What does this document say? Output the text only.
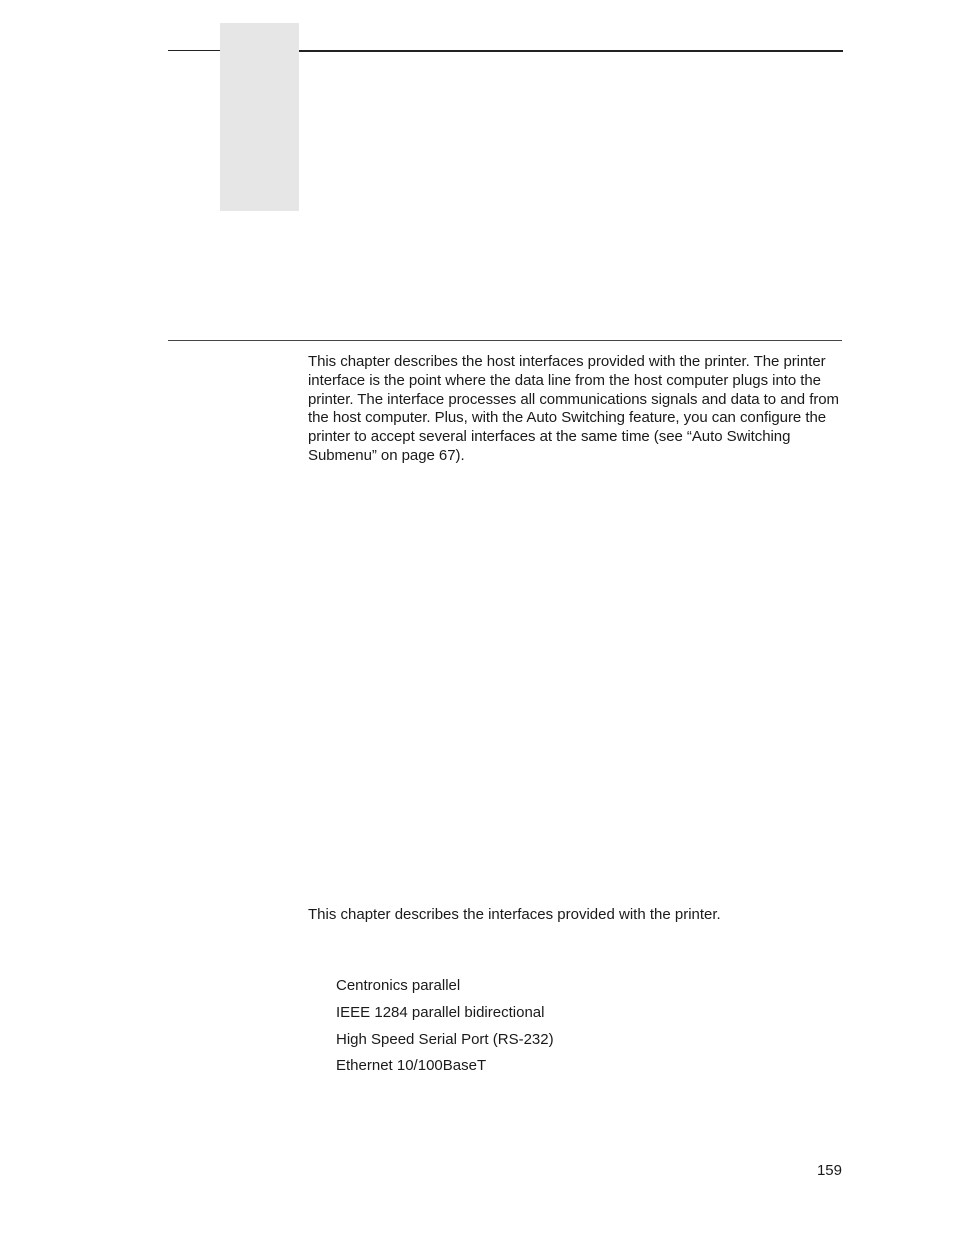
This chapter describes the host interfaces provided with the printer. The printer interface is the point where the data line from the host computer plugs into the printer. The interface processes all communications signals and data to and from the host computer. Plus, with the Auto Switching feature, you can configure the printer to accept several interfaces at the same time (see “Auto Switching Submenu” on page 67).

This chapter describes the interfaces provided with the printer.

Centronics parallel
IEEE 1284 parallel bidirectional
High Speed Serial Port (RS-232)
Ethernet 10/100BaseT
159
